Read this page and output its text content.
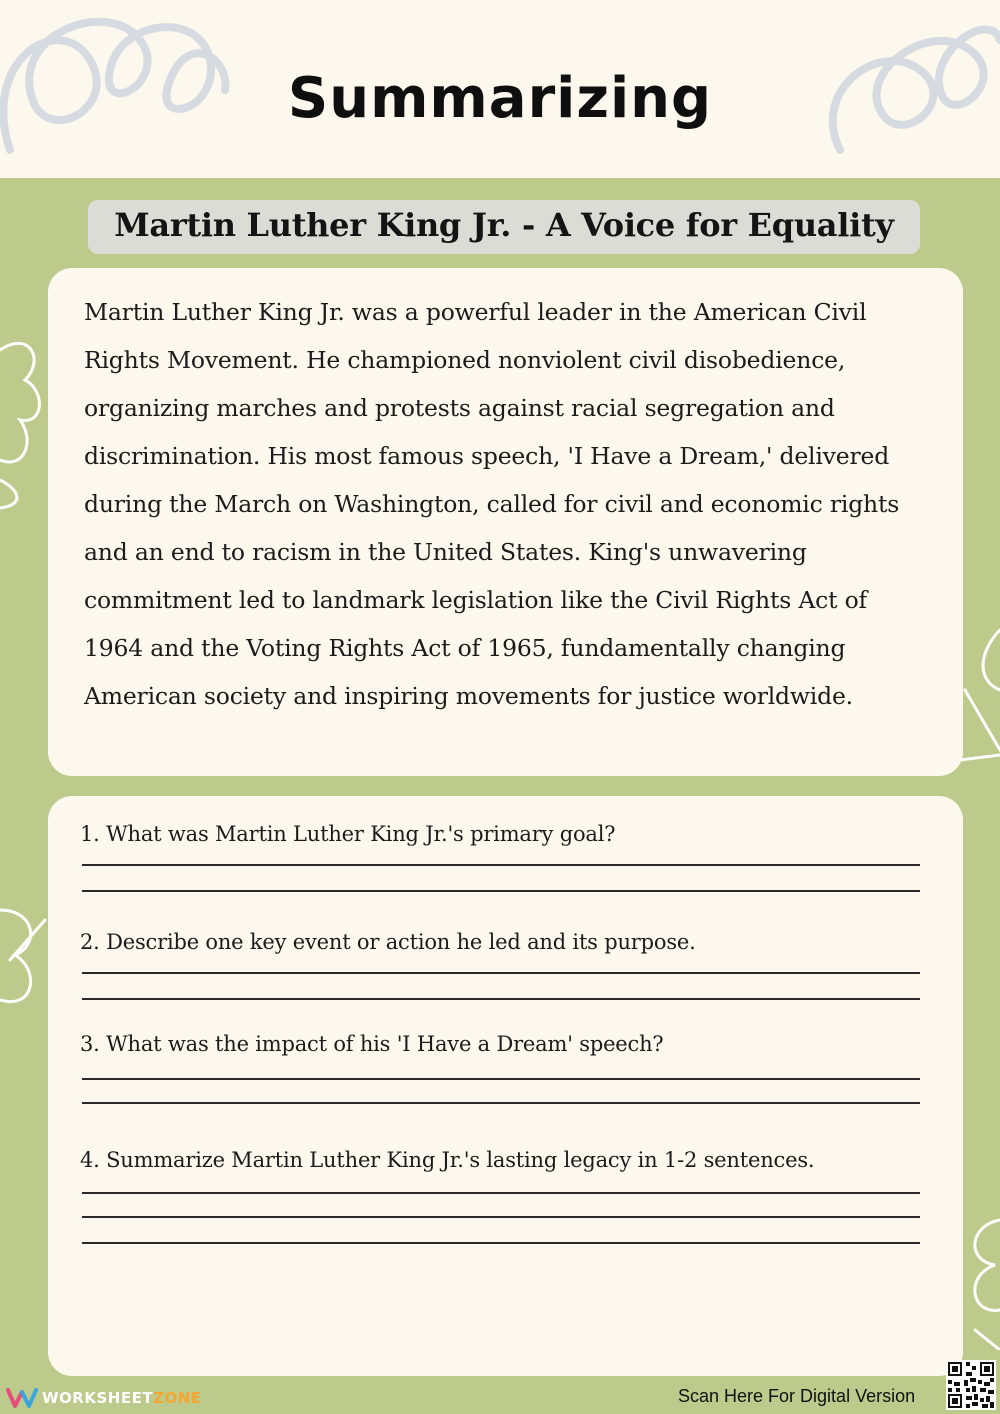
Summarizing
Martin Luther King Jr. - A Voice for Equality

Martin Luther King Jr. was a powerful leader in the American Civil Rights Movement. He championed nonviolent civil disobedience, organizing marches and protests against racial segregation and discrimination. His most famous speech, 'I Have a Dream,' delivered during the March on Washington, called for civil and economic rights and an end to racism in the United States. King's unwavering commitment led to landmark legislation like the Civil Rights Act of 1964 and the Voting Rights Act of 1965, fundamentally changing American society and inspiring movements for justice worldwide.

1. What was Martin Luther King Jr.'s primary goal?

2. Describe one key event or action he led and its purpose.

3. What was the impact of his 'I Have a Dream' speech?

4. Summarize Martin Luther King Jr.'s lasting legacy in 1-2 sentences.

WORKSHEETZONE	Scan Here For Digital Version
